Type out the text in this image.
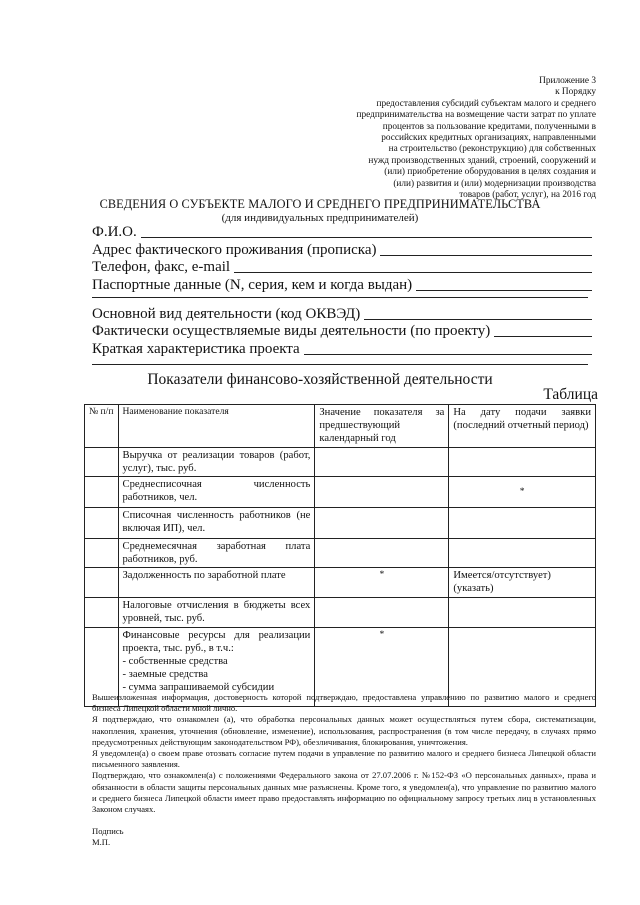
Приложение 3
к Порядку
предоставления субсидий субъектам малого и среднего
предпринимательства на возмещение части затрат по уплате
процентов за пользование кредитами, полученными в
российских кредитных организациях, направленными
на строительство (реконструкцию) для собственных
нужд производственных зданий, строений, сооружений и
(или) приобретение оборудования в целях создания и
(или) развития и (или) модернизации производства
товаров (работ, услуг), на 2016 год
СВЕДЕНИЯ О СУБЪЕКТЕ МАЛОГО И СРЕДНЕГО ПРЕДПРИНИМАТЕЛЬСТВА
(для индивидуальных предпринимателей)
Ф.И.О.
Адрес фактического проживания (прописка)
Телефон, факс, e-mail
Паспортные данные (N, серия, кем и когда выдан)
Основной вид деятельности (код ОКВЭД)
Фактически осуществляемые виды деятельности (по проекту)
Краткая характеристика проекта
Показатели финансово-хозяйственной деятельности
Таблица
№ п/п	Наименование показателя	Значение показателя за предшествующий календарный год	На дату подачи заявки (последний отчетный период)
	Выручка от реализации товаров (работ, услуг), тыс. руб.		
	Среднесписочная численность работников, чел.		*
	Списочная численность работников (не включая ИП), чел.		
	Среднемесячная заработная плата работников, руб.		
	Задолженность по заработной плате	*	Имеется/отсутствует) (указать)
	Налоговые отчисления в бюджеты всех уровней, тыс. руб.		

	Финансовые ресурсы для реализации проекта, тыс. руб., в т.ч.:
- собственные средства
- заемные средства
- сумма запрашиваемой субсидии	*	

Вышеизложенная информация, достоверность которой подтверждаю, предоставлена управлению по развитию малого и среднего бизнеса Липецкой области мной лично.

Я подтверждаю, что ознакомлен (а), что обработка персональных данных может осуществляться путем сбора, систематизации, накопления, хранения, уточнения (обновление, изменение), использования, распространения (в том числе передачу, в случаях прямо предусмотренных действующим законодательством РФ), обезличивания, блокирования, уничтожения.

Я уведомлен(а) о своем праве отозвать согласие путем подачи в управление по развитию малого и среднего бизнеса Липецкой области письменного заявления.

Подтверждаю, что ознакомлен(а) с положениями Федерального закона от 27.07.2006 г. №152-ФЗ «О персональных данных», права и обязанности в области защиты персональных данных мне разъяснены. Кроме того, я уведомлен(а), что управление по развитию малого и среднего бизнеса Липецкой области имеет право предоставлять информацию по официальному запросу третьих лиц в установленных Законом случаях.

Подпись
М.П.
